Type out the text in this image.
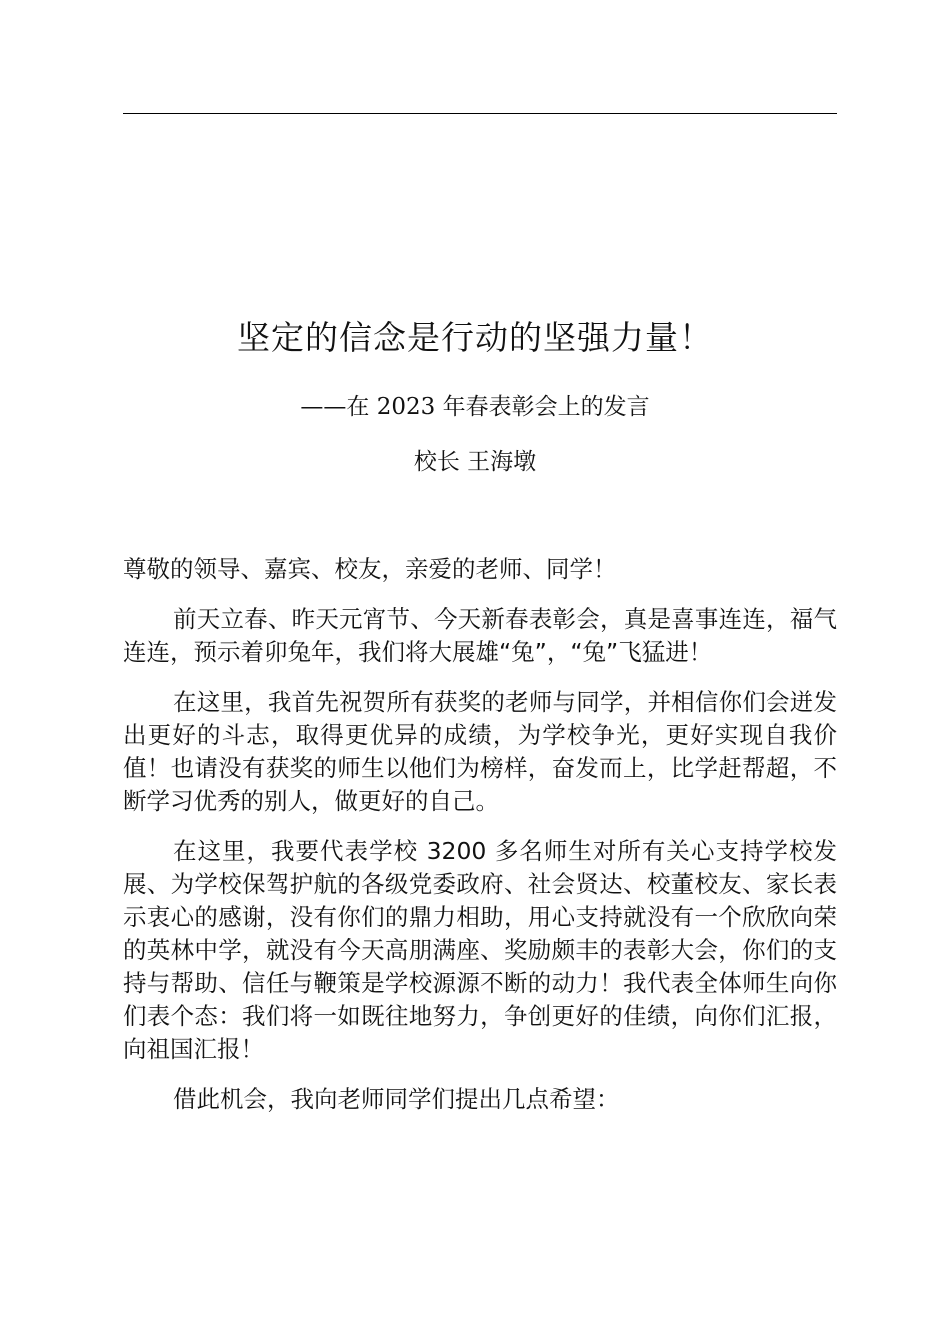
坚定的信念是行动的坚强力量！
——在 2023 年春表彰会上的发言
校长 王海墩

尊敬的领导、嘉宾、校友，亲爱的老师、同学！

前天立春、昨天元宵节、今天新春表彰会，真是喜事连连，福气连连，预示着卯兔年，我们将大展雄“兔”，“兔”飞猛进！

在这里，我首先祝贺所有获奖的老师与同学，并相信你们会迸发出更好的斗志，取得更优异的成绩，为学校争光，更好实现自我价值！也请没有获奖的师生以他们为榜样，奋发而上，比学赶帮超，不断学习优秀的别人，做更好的自己。

在这里，我要代表学校 3200 多名师生对所有关心支持学校发展、为学校保驾护航的各级党委政府、社会贤达、校董校友、家长表示衷心的感谢，没有你们的鼎力相助，用心支持就没有一个欣欣向荣的英林中学，就没有今天高朋满座、奖励颇丰的表彰大会，你们的支持与帮助、信任与鞭策是学校源源不断的动力！我代表全体师生向你们表个态：我们将一如既往地努力，争创更好的佳绩，向你们汇报，向祖国汇报！

借此机会，我向老师同学们提出几点希望：
